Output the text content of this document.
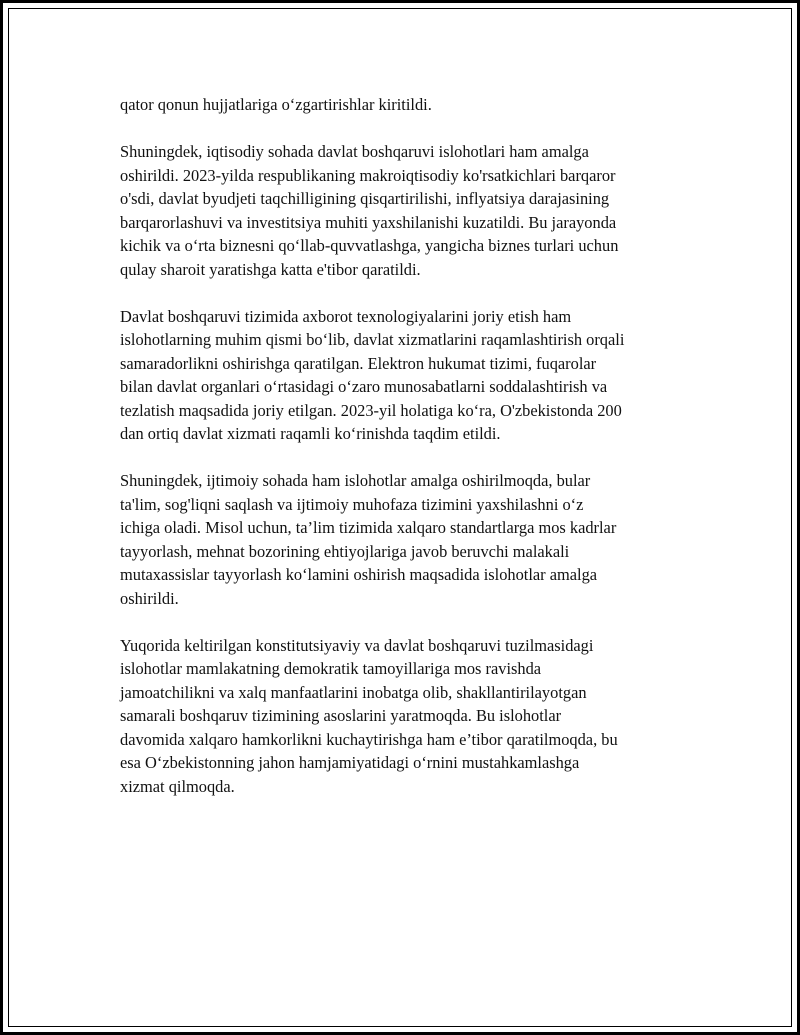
qator qonun hujjatlariga o‘zgartirishlar kiritildi.

Shuningdek, iqtisodiy sohada davlat boshqaruvi islohotlari ham amalga
oshirildi. 2023-yilda respublikaning makroiqtisodiy ko'rsatkichlari barqaror
o'sdi, davlat byudjeti taqchilligining qisqartirilishi, inflyatsiya darajasining
barqarorlashuvi va investitsiya muhiti yaxshilanishi kuzatildi. Bu jarayonda
kichik va o‘rta biznesni qo‘llab-quvvatlashga, yangicha biznes turlari uchun
qulay sharoit yaratishga katta e'tibor qaratildi.

Davlat boshqaruvi tizimida axborot texnologiyalarini joriy etish ham
islohotlarning muhim qismi bo‘lib, davlat xizmatlarini raqamlashtirish orqali
samaradorlikni oshirishga qaratilgan. Elektron hukumat tizimi, fuqarolar
bilan davlat organlari o‘rtasidagi o‘zaro munosabatlarni soddalashtirish va
tezlatish maqsadida joriy etilgan. 2023-yil holatiga ko‘ra, O'zbekistonda 200
dan ortiq davlat xizmati raqamli ko‘rinishda taqdim etildi.

Shuningdek, ijtimoiy sohada ham islohotlar amalga oshirilmoqda, bular
ta'lim, sog'liqni saqlash va ijtimoiy muhofaza tizimini yaxshilashni o‘z
ichiga oladi. Misol uchun, ta’lim tizimida xalqaro standartlarga mos kadrlar
tayyorlash, mehnat bozorining ehtiyojlariga javob beruvchi malakali
mutaxassislar tayyorlash ko‘lamini oshirish maqsadida islohotlar amalga
oshirildi.

Yuqorida keltirilgan konstitutsiyaviy va davlat boshqaruvi tuzilmasidagi
islohotlar mamlakatning demokratik tamoyillariga mos ravishda
jamoatchilikni va xalq manfaatlarini inobatga olib, shakllantirilayotgan
samarali boshqaruv tizimining asoslarini yaratmoqda. Bu islohotlar
davomida xalqaro hamkorlikni kuchaytirishga ham e’tibor qaratilmoqda, bu
esa O‘zbekistonning jahon hamjamiyatidagi o‘rnini mustahkamlashga
xizmat qilmoqda.
